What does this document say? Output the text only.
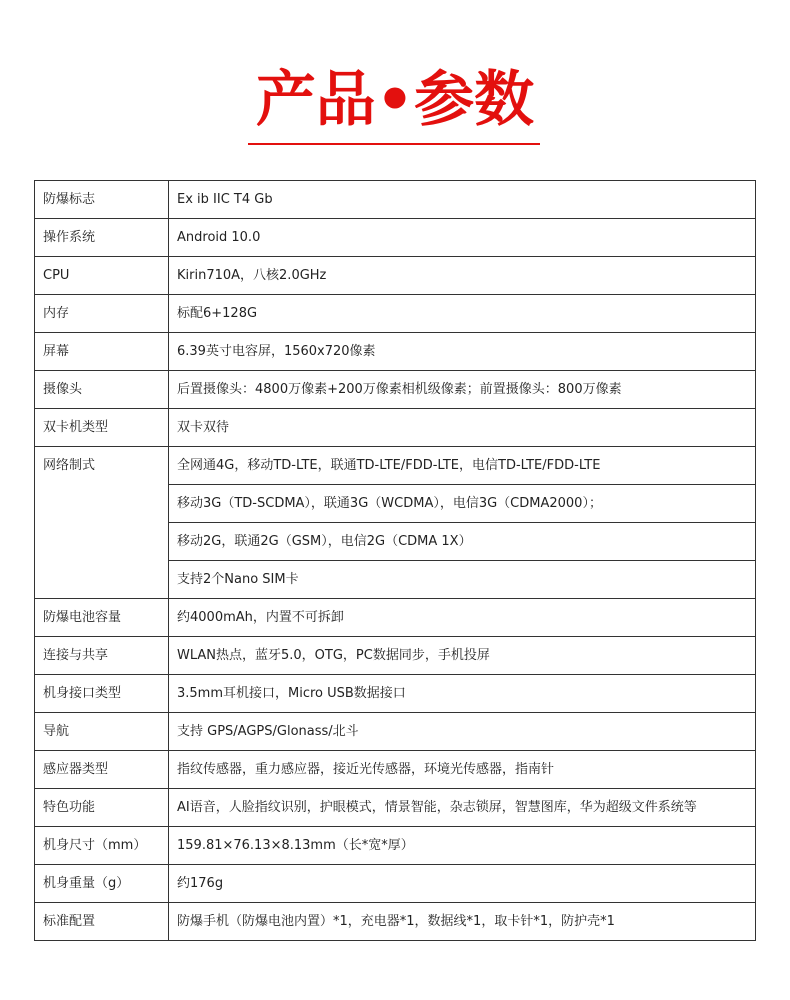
产品•参数
防爆标志	Ex ib IIC T4 Gb
操作系统	Android 10.0
CPU	Kirin710A，八核2.0GHz
内存	标配6+128G
屏幕	6.39英寸电容屏，1560x720像素
摄像头	后置摄像头：4800万像素+200万像素相机级像素；前置摄像头：800万像素
双卡机类型	双卡双待
网络制式	全网通4G，移动TD-LTE，联通TD-LTE/FDD-LTE，电信TD-LTE/FDD-LTE
	移动3G（TD-SCDMA），联通3G（WCDMA），电信3G（CDMA2000）；
	移动2G，联通2G（GSM），电信2G（CDMA 1X）
	支持2个Nano SIM卡
防爆电池容量	约4000mAh，内置不可拆卸
连接与共享	WLAN热点，蓝牙5.0，OTG，PC数据同步，手机投屏
机身接口类型	3.5mm耳机接口，Micro USB数据接口
导航	支持 GPS/AGPS/Glonass/北斗
感应器类型	指纹传感器，重力感应器，接近光传感器，环境光传感器，指南针
特色功能	AI语音，人脸指纹识别，护眼模式，情景智能，杂志锁屏，智慧图库，华为超级文件系统等
机身尺寸（mm）	159.81×76.13×8.13mm（长*宽*厚）
机身重量（g）	约176g
标准配置	防爆手机（防爆电池内置）*1，充电器*1，数据线*1，取卡针*1，防护壳*1
